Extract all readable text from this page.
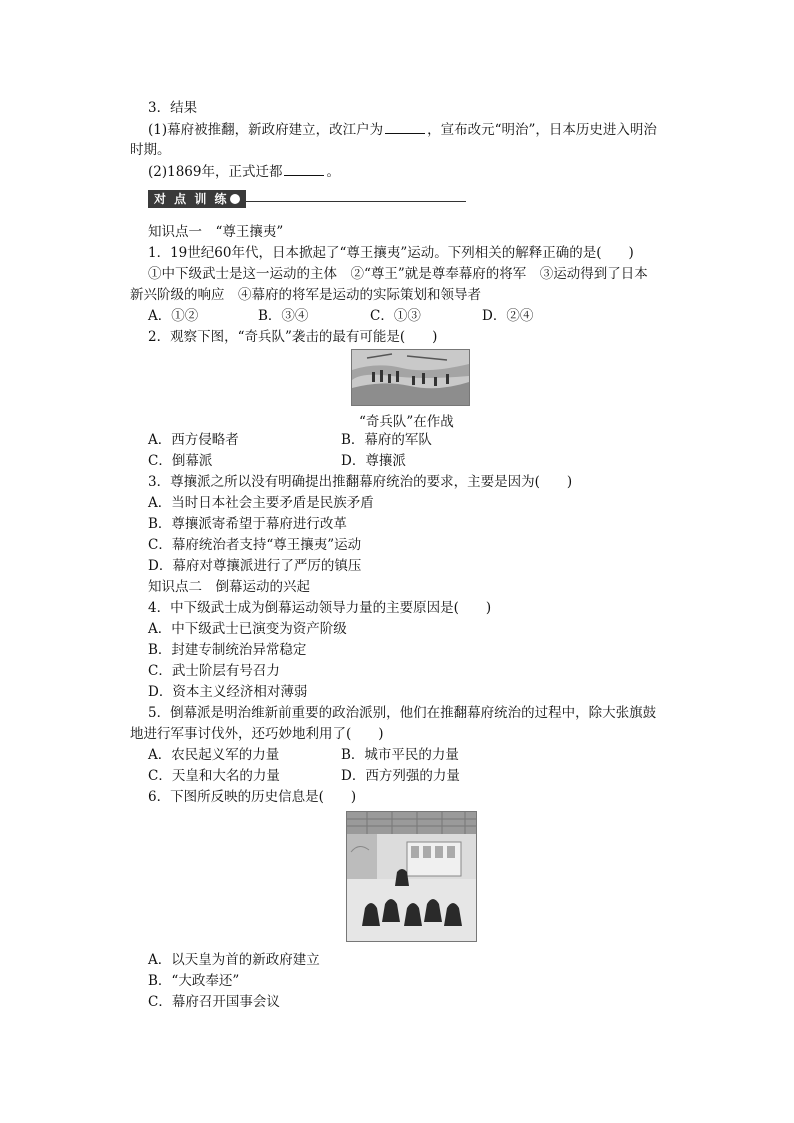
3．结果
(1)幕府被推翻，新政府建立，改江户为	，宣布改元“明治”，日本历史进入明治
时期。
(2)1869年，正式迁都	。
对 点 训 练
知识点一　“尊王攘夷”
1．19世纪60年代，日本掀起了“尊王攘夷”运动。下列相关的解释正确的是(　　)
①中下级武士是这一运动的主体　②“尊王”就是尊奉幕府的将军　③运动得到了日本
新兴阶级的响应　④幕府的将军是运动的实际策划和领导者
A．①②	B．③④	C．①③	D．②④
2．观察下图，“奇兵队”袭击的最有可能是(　　)
“奇兵队”在作战
A．西方侵略者	B．幕府的军队
C．倒幕派	D．尊攘派
3．尊攘派之所以没有明确提出推翻幕府统治的要求，主要是因为(　　)
A．当时日本社会主要矛盾是民族矛盾
B．尊攘派寄希望于幕府进行改革
C．幕府统治者支持“尊王攘夷”运动
D．幕府对尊攘派进行了严厉的镇压
知识点二　倒幕运动的兴起
4．中下级武士成为倒幕运动领导力量的主要原因是(　　)
A．中下级武士已演变为资产阶级
B．封建专制统治异常稳定
C．武士阶层有号召力
D．资本主义经济相对薄弱
5．倒幕派是明治维新前重要的政治派别，他们在推翻幕府统治的过程中，除大张旗鼓
地进行军事讨伐外，还巧妙地利用了(　　)
A．农民起义军的力量	B．城市平民的力量
C．天皇和大名的力量	D．西方列强的力量
6．下图所反映的历史信息是(　　)
A．以天皇为首的新政府建立
B．“大政奉还”
C．幕府召开国事会议
